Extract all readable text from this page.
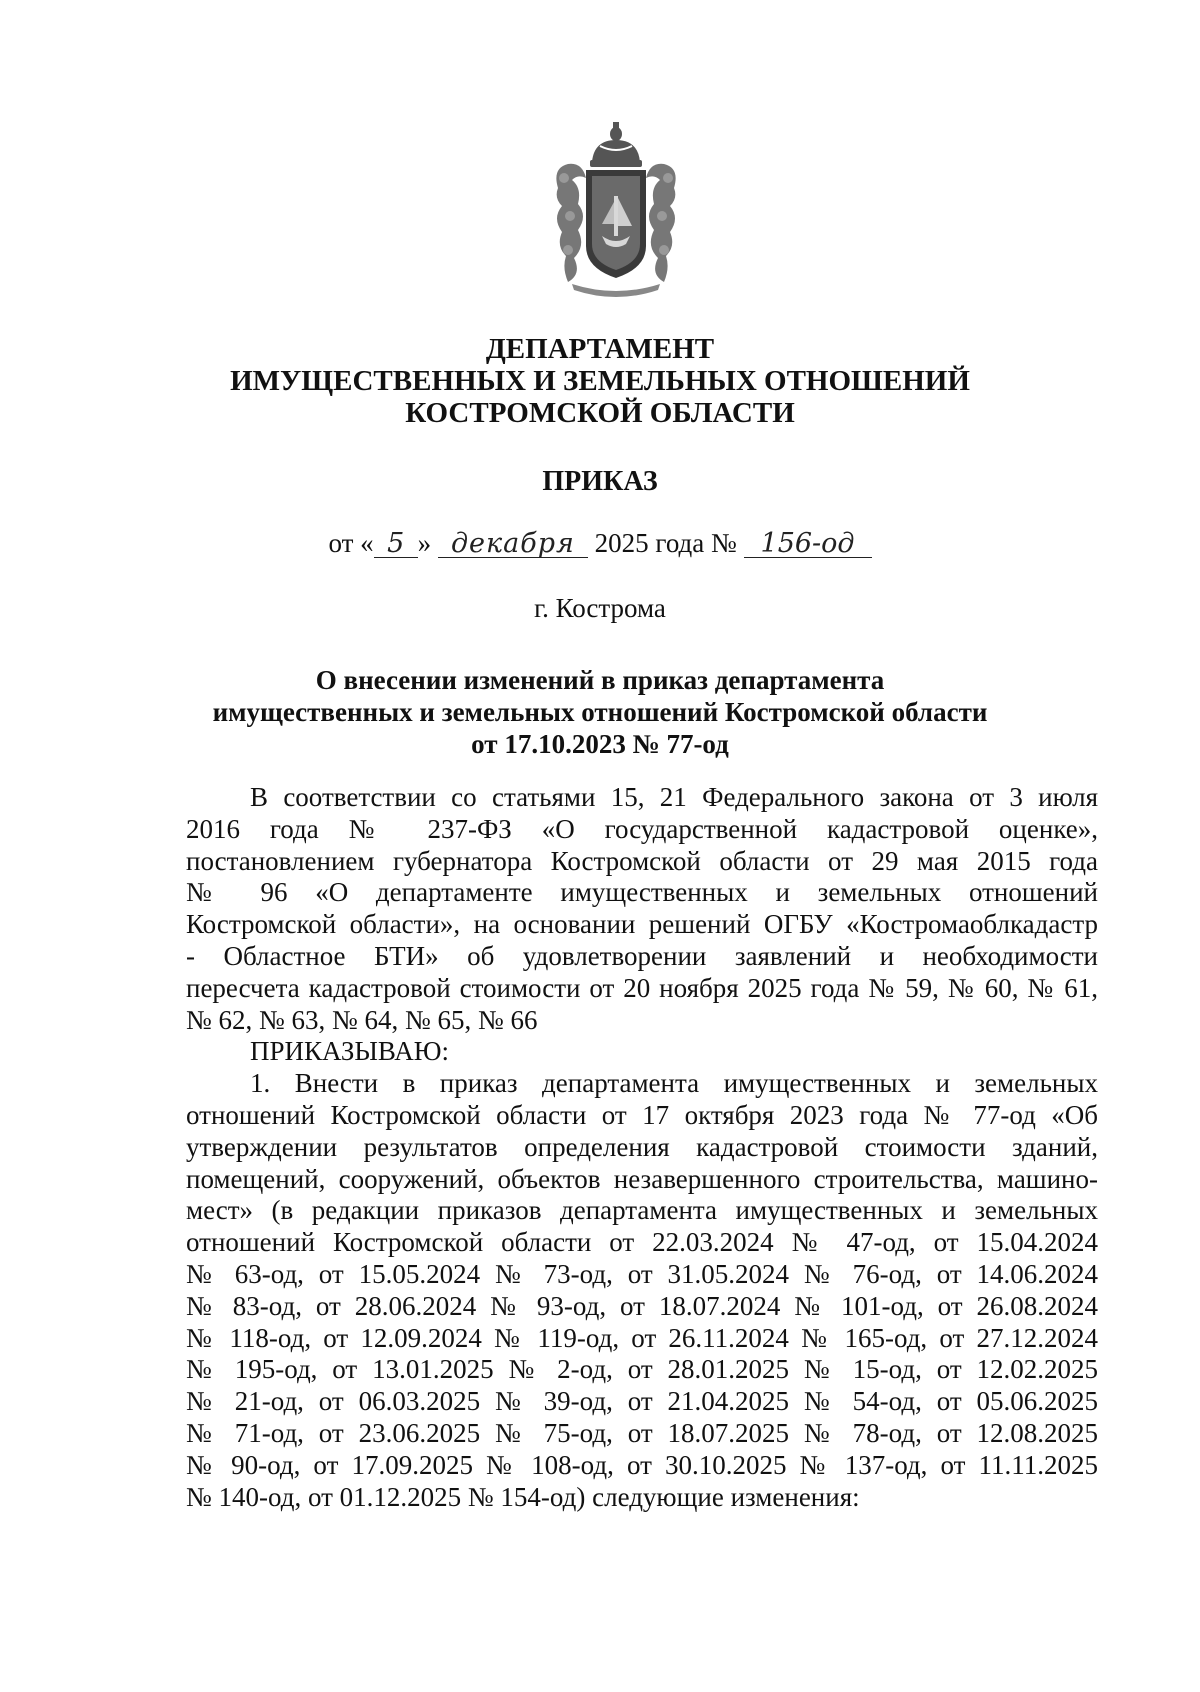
ДЕПАРТАМЕНТ
ИМУЩЕСТВЕННЫХ И ЗЕМЕЛЬНЫХ ОТНОШЕНИЙ
КОСТРОМСКОЙ ОБЛАСТИ
ПРИКАЗ
от « 5 » декабря 2025 года № 156-од
г. Кострома
О внесении изменений в приказ департамента
имущественных и земельных отношений Костромской области
от 17.10.2023 № 77-од

В соответствии со статьями 15, 21 Федерального закона от 3 июля

2016 года № 237-ФЗ «О государственной кадастровой оценке»,

постановлением губернатора Костромской области от 29 мая 2015 года

№ 96 «О департаменте имущественных и земельных отношений

Костромской области», на основании решений ОГБУ «Костромаоблкадастр

- Областное БТИ» об удовлетворении заявлений и необходимости

пересчета кадастровой стоимости от 20 ноября 2025 года № 59, № 60, № 61,

№ 62, № 63, № 64, № 65, № 66

ПРИКАЗЫВАЮ:

1. Внести в приказ департамента имущественных и земельных

отношений Костромской области от 17 октября 2023 года № 77-од «Об

утверждении результатов определения кадастровой стоимости зданий,

помещений, сооружений, объектов незавершенного строительства, машино-

мест» (в редакции приказов департамента имущественных и земельных

отношений Костромской области от 22.03.2024 № 47-од, от 15.04.2024

№ 63-од, от 15.05.2024 № 73-од, от 31.05.2024 № 76-од, от 14.06.2024

№ 83-од, от 28.06.2024 № 93-од, от 18.07.2024 № 101-од, от 26.08.2024

№ 118-од, от 12.09.2024 № 119-од, от 26.11.2024 № 165-од, от 27.12.2024

№ 195-од, от 13.01.2025 № 2-од, от 28.01.2025 № 15-од, от 12.02.2025

№ 21-од, от 06.03.2025 № 39-од, от 21.04.2025 № 54-од, от 05.06.2025

№ 71-од, от 23.06.2025 № 75-од, от 18.07.2025 № 78-од, от 12.08.2025

№ 90-од, от 17.09.2025 № 108-од, от 30.10.2025 № 137-од, от 11.11.2025

№ 140-од, от 01.12.2025 № 154-од) следующие изменения:
